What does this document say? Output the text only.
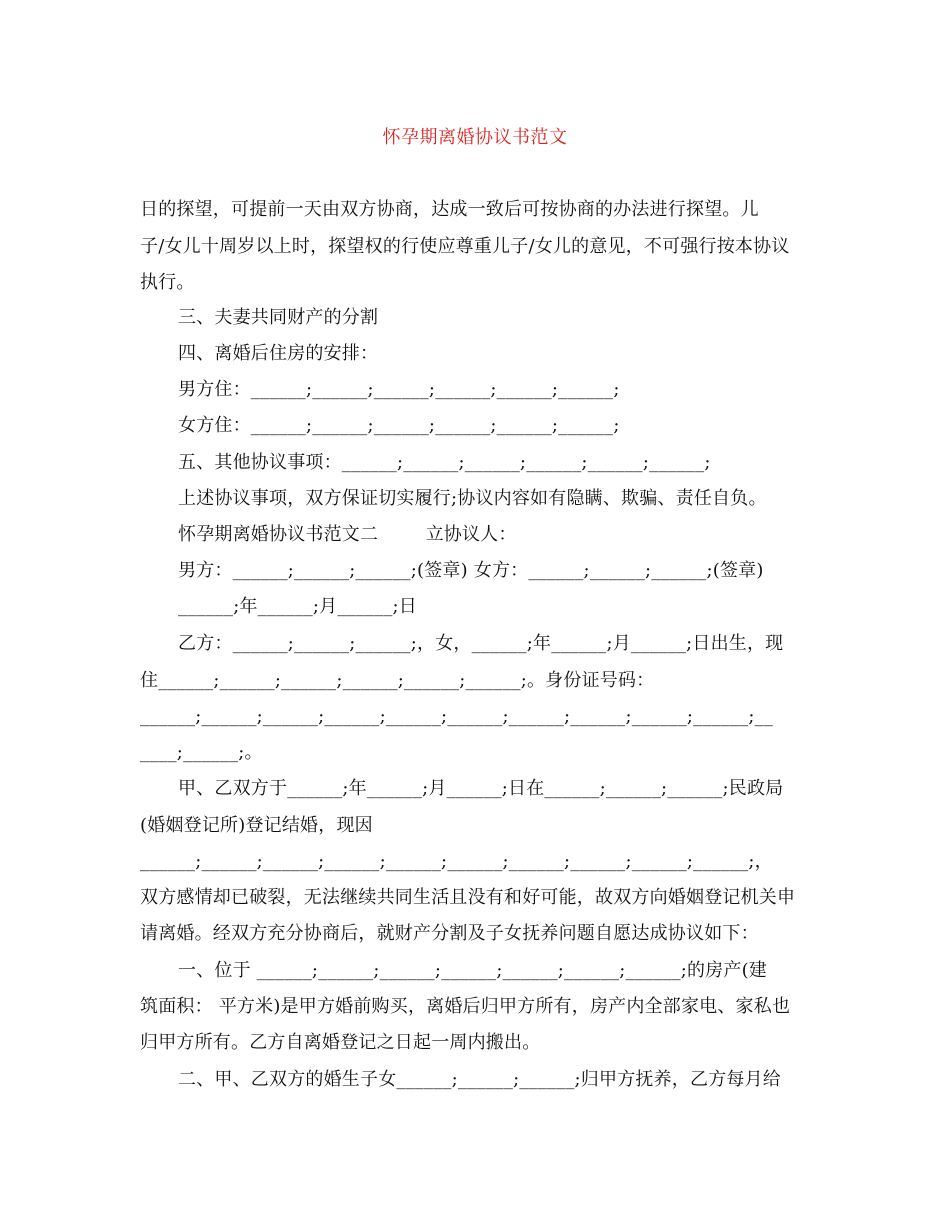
怀孕期离婚协议书范文
日的探望，可提前一天由双方协商，达成一致后可按协商的办法进行探望。儿
子/女儿十周岁以上时，探望权的行使应尊重儿子/女儿的意见，不可强行按本协议
执行。
三、夫妻共同财产的分割
四、离婚后住房的安排：
男方住：______;______;______;______;______;______;
女方住：______;______;______;______;______;______;
五、其他协议事项：______;______;______;______;______;______;
上述协议事项，双方保证切实履行;协议内容如有隐瞒、欺骗、责任自负。
怀孕期离婚协议书范文二        立协议人：
男方：______;______;______;(签章) 女方：______;______;______;(签章)
______;年______;月______;日
乙方：______;______;______;，女，______;年______;月______;日出生，现
住______;______;______;______;______;______;。身份证号码：
______;______;______;______;______;______;______;______;______;______;__
____;______;。
甲、乙双方于______;年______;月______;日在______;______;______;民政局
(婚姻登记所)登记结婚，现因
______;______;______;______;______;______;______;______;______;______;，
双方感情却已破裂，无法继续共同生活且没有和好可能，故双方向婚姻登记机关申
请离婚。经双方充分协商后，就财产分割及子女抚养问题自愿达成协议如下：
一、位于 ______;______;______;______;______;______;______;的房产(建
筑面积： 平方米)是甲方婚前购买，离婚后归甲方所有，房产内全部家电、家私也
归甲方所有。乙方自离婚登记之日起一周内搬出。
二、甲、乙双方的婚生子女______;______;______;归甲方抚养，乙方每月给
